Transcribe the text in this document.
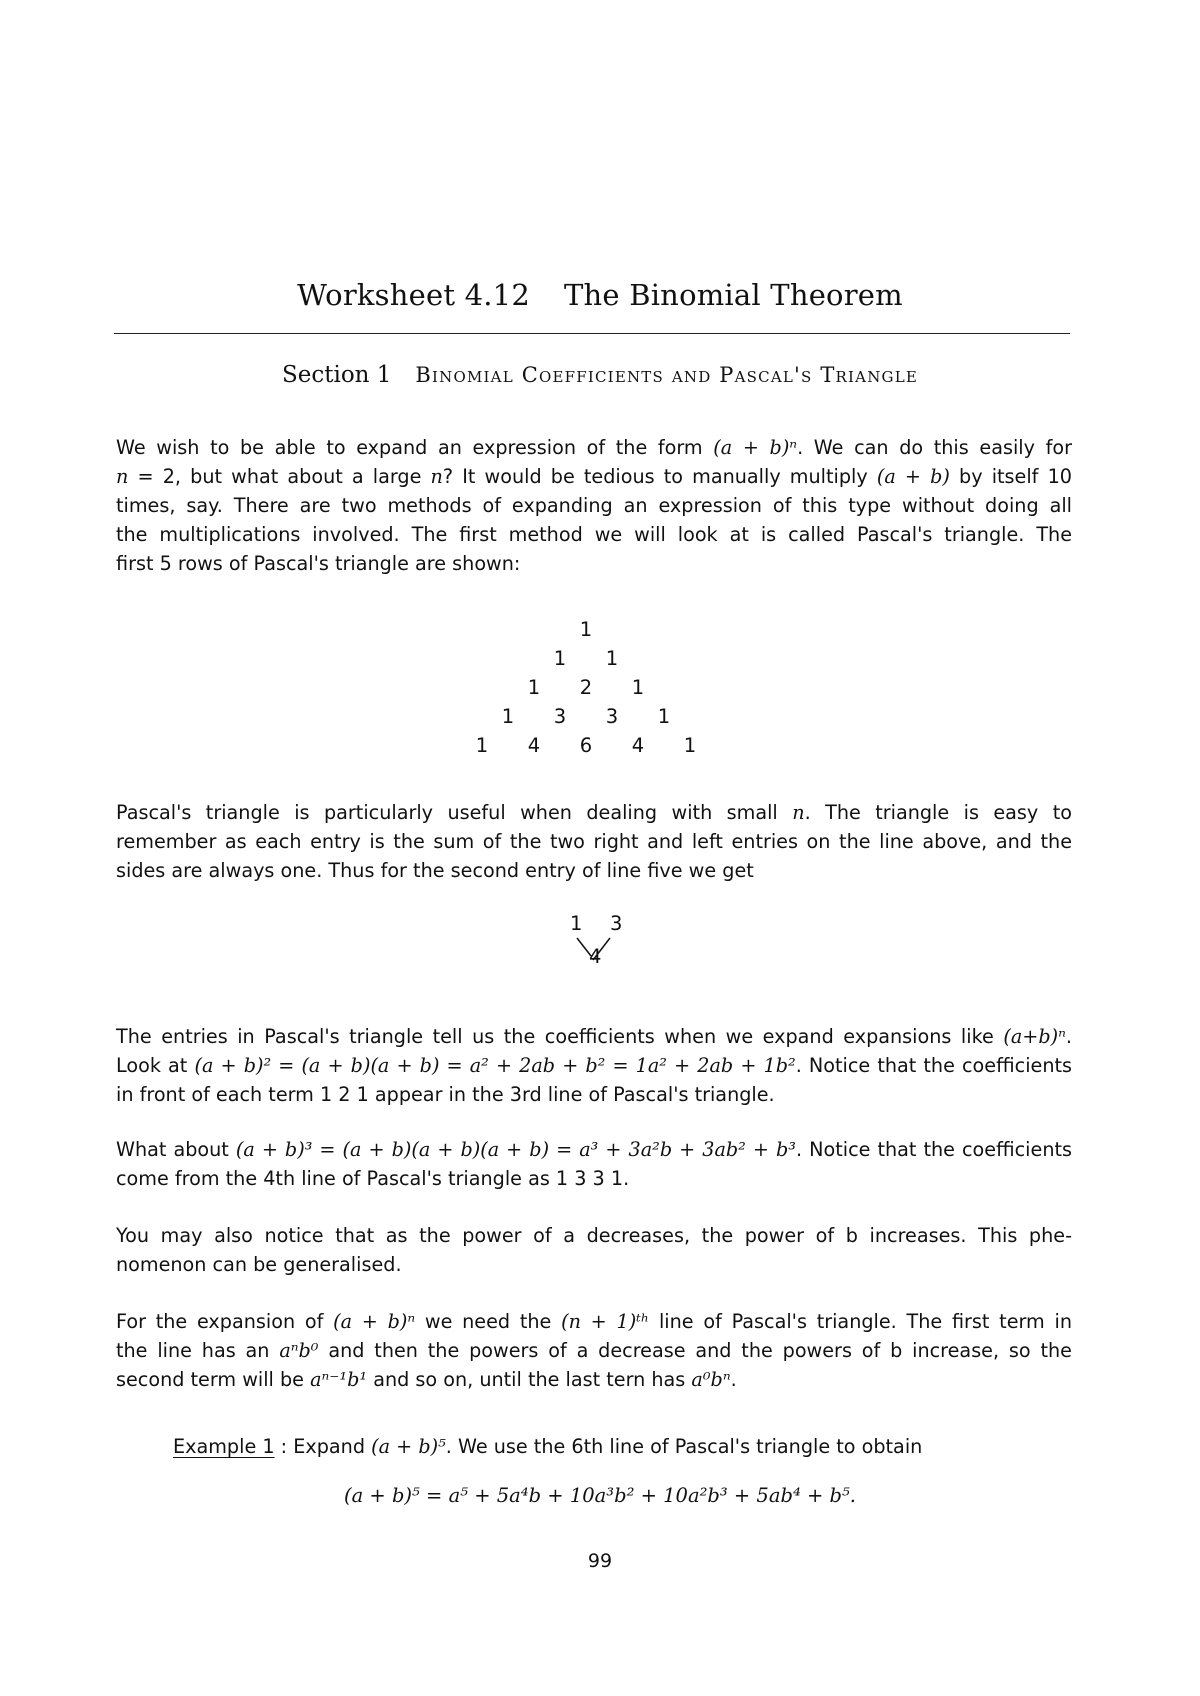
Worksheet 4.12 The Binomial Theorem
Section 1 Binomial Coefficients and Pascal's Triangle
We wish to be able to expand an expression of the form (a + b)ⁿ. We can do this easily for
n = 2, but what about a large n? It would be tedious to manually multiply (a + b) by itself 10
times, say. There are two methods of expanding an expression of this type without doing all
the multiplications involved. The first method we will look at is called Pascal's triangle. The
first 5 rows of Pascal's triangle are shown:
1
1 1
1 2 1
1 3 3 1
1 4 6 4 1
Pascal's triangle is particularly useful when dealing with small n. The triangle is easy to
remember as each entry is the sum of the two right and left entries on the line above, and the
sides are always one. Thus for the second entry of line five we get
1 3
4
The entries in Pascal's triangle tell us the coefficients when we expand expansions like (a+b)ⁿ.
Look at (a + b)² = (a + b)(a + b) = a² + 2ab + b² = 1a² + 2ab + 1b². Notice that the coefficients
in front of each term 1 2 1 appear in the 3rd line of Pascal's triangle.
What about (a + b)³ = (a + b)(a + b)(a + b) = a³ + 3a²b + 3ab² + b³. Notice that the coefficients
come from the 4th line of Pascal's triangle as 1 3 3 1.
You may also notice that as the power of a decreases, the power of b increases. This phe-
nomenon can be generalised.
For the expansion of (a + b)ⁿ we need the (n + 1)ᵗʰ line of Pascal's triangle. The first term in
the line has an aⁿb⁰ and then the powers of a decrease and the powers of b increase, so the
second term will be aⁿ⁻¹b¹ and so on, until the last tern has a⁰bⁿ.
Example 1 : Expand (a + b)⁵. We use the 6th line of Pascal's triangle to obtain
(a + b)⁵ = a⁵ + 5a⁴b + 10a³b² + 10a²b³ + 5ab⁴ + b⁵.
99
